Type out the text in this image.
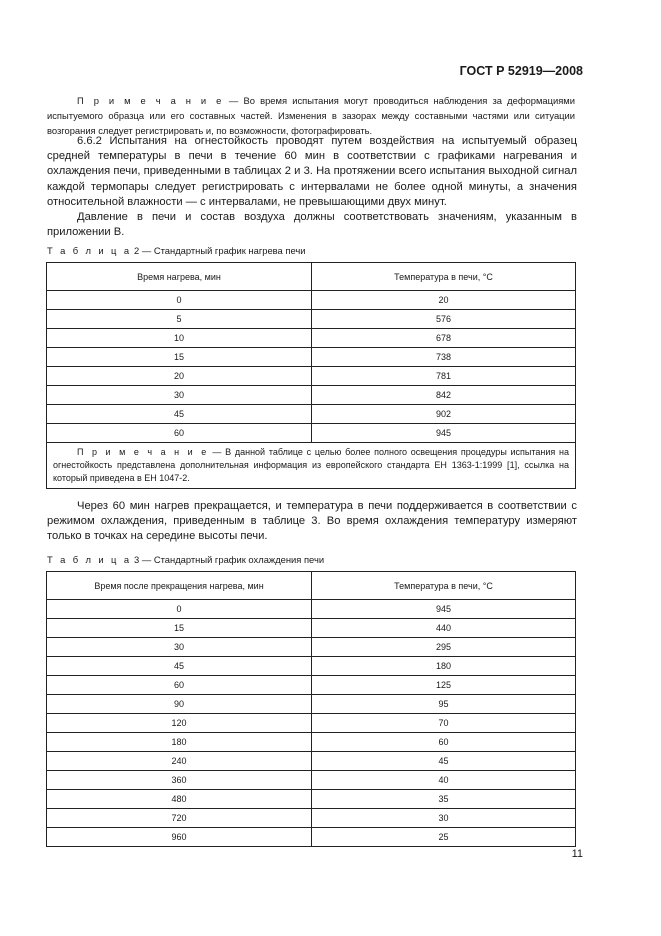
ГОСТ Р 52919—2008
П р и м е ч а н и е — Во время испытания могут проводиться наблюдения за деформациями испытуемого образца или его составных частей. Изменения в зазорах между составными частями или ситуации возгорания следует регистрировать и, по возможности, фотографировать.

6.6.2 Испытания на огнестойкость проводят путем воздействия на испытуемый образец средней температуры в печи в течение 60 мин в соответствии с графиками нагревания и охлаждения печи, приведенными в таблицах 2 и 3. На протяжении всего испытания выходной сигнал каждой термопары следует регистрировать с интервалами не более одной минуты, а значения относительной влажности — с интервалами, не превышающими двух минут.

Давление в печи и состав воздуха должны соответствовать значениям, указанным в приложении В.

Т а б л и ц а 2 — Стандартный график нагрева печи
Время нагрева, мин	Температура в печи, °С
0	20
5	576
10	678
15	738
20	781
30	842
45	902
60	945
П р и м е ч а н и е — В данной таблице с целью более полного освещения процедуры испытания на огнестойкость представлена дополнительная информация из европейского стандарта ЕН 1363-1:1999 [1], ссылка на который приведена в ЕН 1047-2.	

Через 60 мин нагрев прекращается, и температура в печи поддерживается в соответствии с режимом охлаждения, приведенным в таблице 3. Во время охлаждения температуру измеряют только в точках на середине высоты печи.

Т а б л и ц а 3 — Стандартный график охлаждения печи
Время после прекращения нагрева, мин	Температура в печи, °С
0	945
15	440
30	295
45	180
60	125
90	95
120	70
180	60
240	45
360	40
480	35
720	30
960	25
11
